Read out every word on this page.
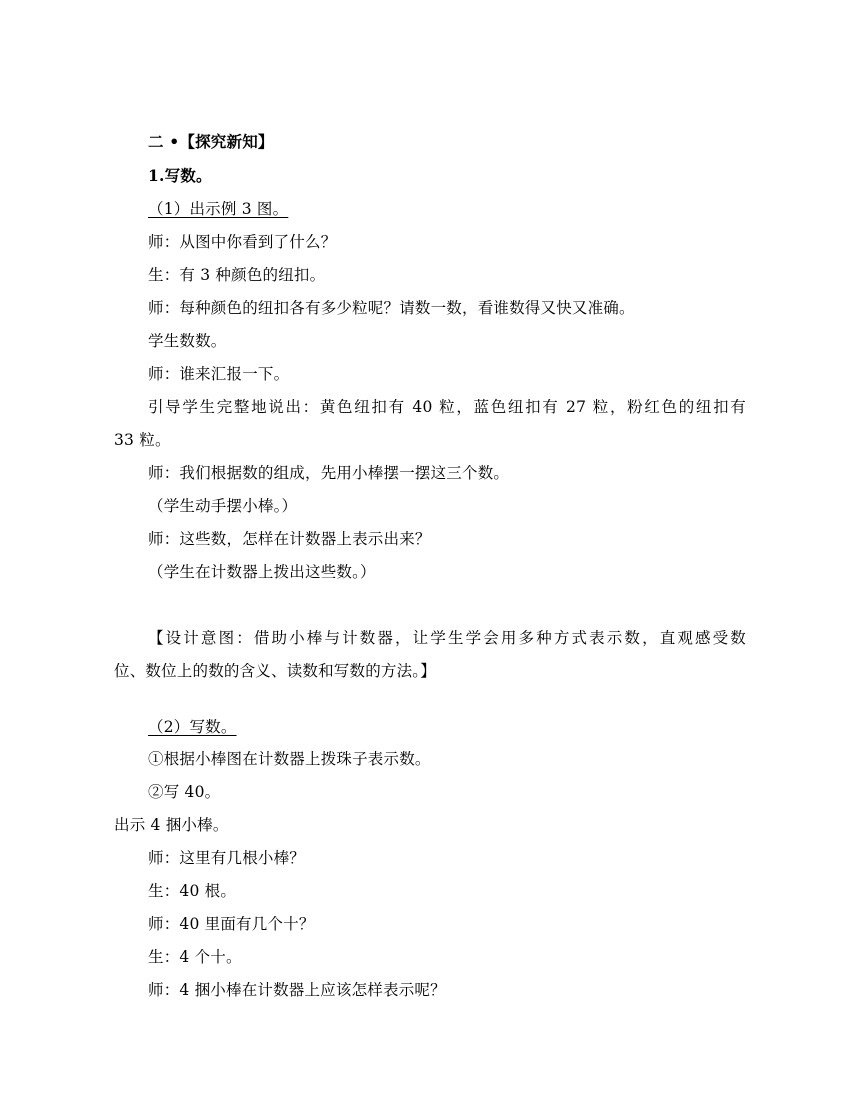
二 •【探究新知】
1.写数。
（1）出示例 3 图。
师：从图中你看到了什么？
生：有 3 种颜色的纽扣。
师：每种颜色的纽扣各有多少粒呢？请数一数，看谁数得又快又准确。
学生数数。
师：谁来汇报一下。
引导学生完整地说出：黄色纽扣有 40 粒，蓝色纽扣有 27 粒，粉红色的纽扣有
33 粒。
师：我们根据数的组成，先用小棒摆一摆这三个数。
（学生动手摆小棒。）
师：这些数，怎样在计数器上表示出来？
（学生在计数器上拨出这些数。）
【设计意图：借助小棒与计数器，让学生学会用多种方式表示数，直观感受数
位、数位上的数的含义、读数和写数的方法。】
（2）写数。
①根据小棒图在计数器上拨珠子表示数。
②写 40。
出示 4 捆小棒。
师：这里有几根小棒？
生：40 根。
师：40 里面有几个十？
生：4 个十。
师：4 捆小棒在计数器上应该怎样表示呢？
